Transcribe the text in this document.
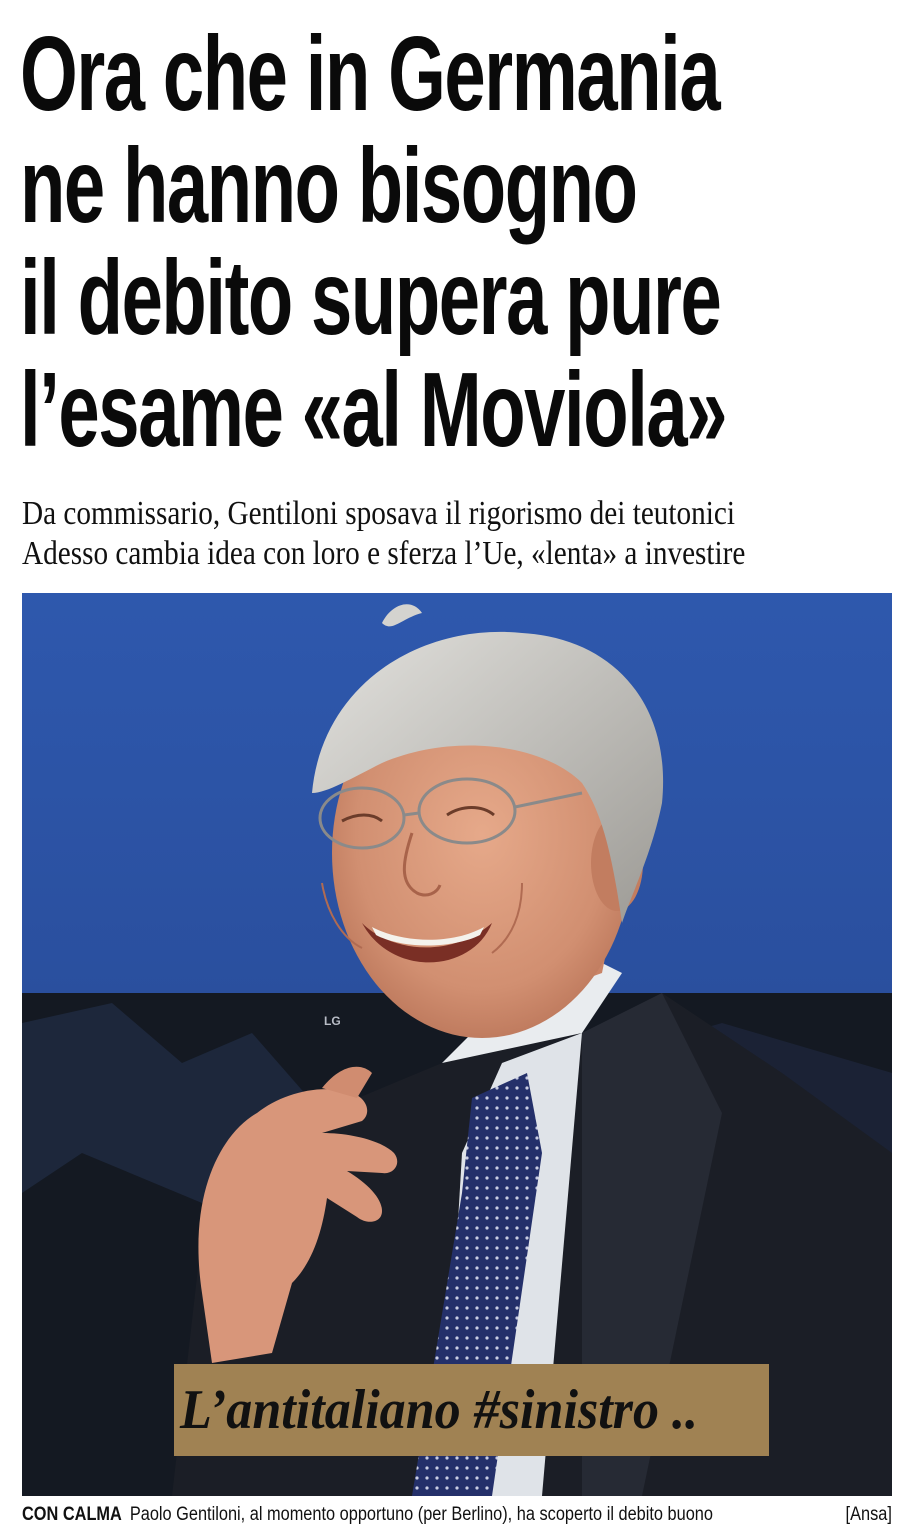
Ora che in Germania
ne hanno bisogno
il debito supera pure
l’esame «al Moviola»
Da commissario, Gentiloni sposava il rigorismo dei teutonici
Adesso cambia idea con loro e sferza l’Ue, «lenta» a investire
LG
L’antitaliano #sinistro ..
CON CALMA Paolo Gentiloni, al momento opportuno (per Berlino), ha scoperto il debito buono	[Ansa]
